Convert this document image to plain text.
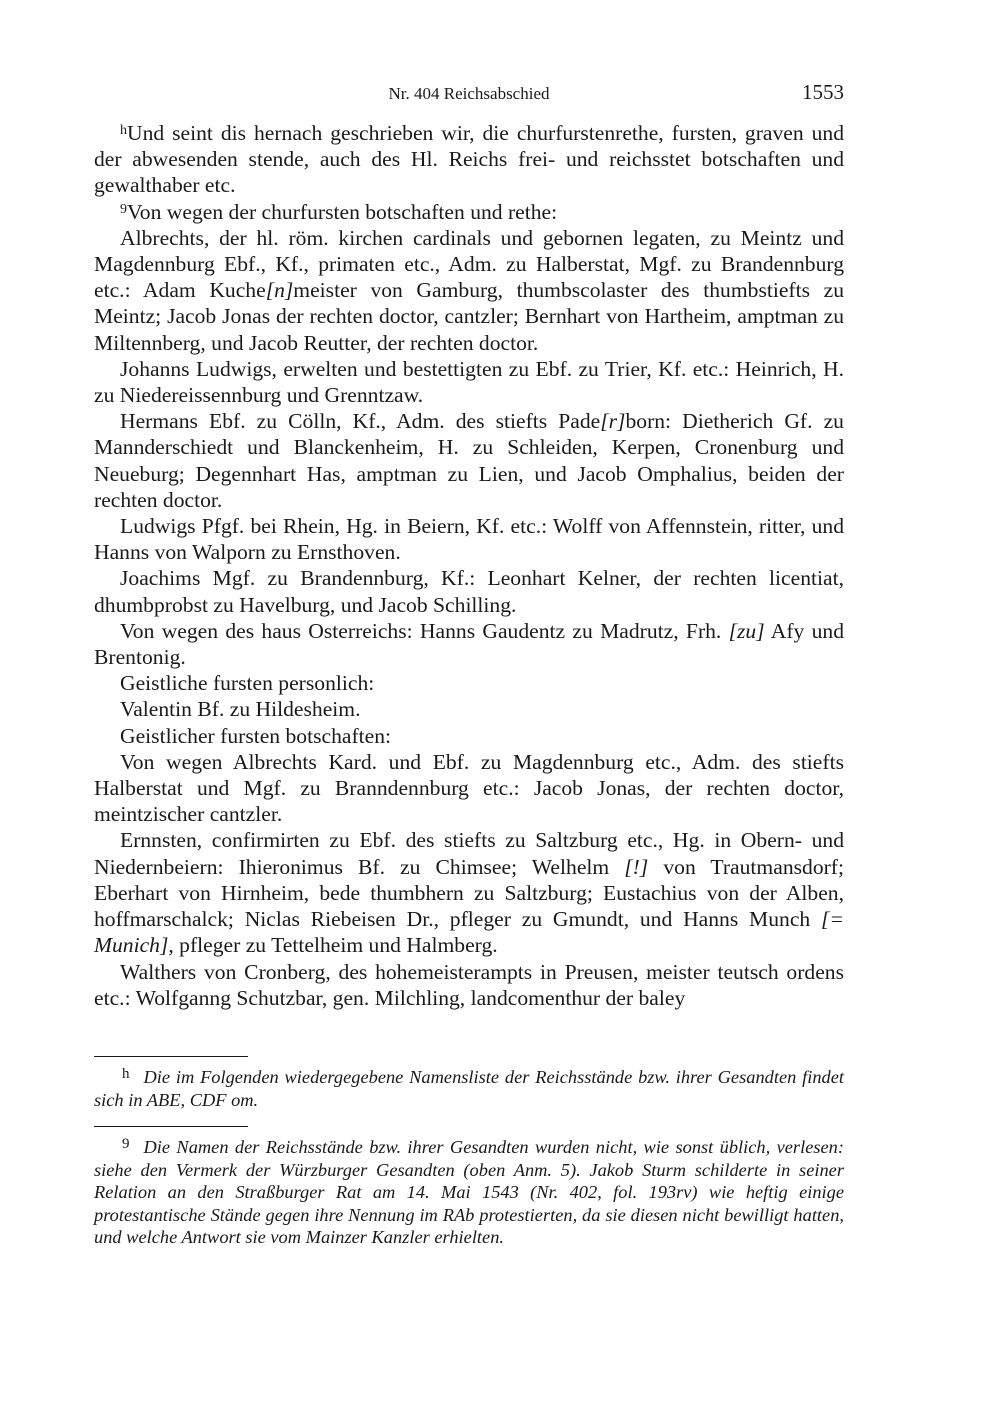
Nr. 404 Reichsabschied	1553

$^h$Und seint dis hernach geschrieben wir, die churfurstenrethe, fursten, graven und der abwesenden stende, auch des Hl. Reichs frei- und reichsstet botschaften und gewalthaber etc.

$^9$Von wegen der churfursten botschaften und rethe:

Albrechts, der hl. röm. kirchen cardinals und gebornen legaten, zu Meintz und Magdennburg Ebf., Kf., primaten etc., Adm. zu Halberstat, Mgf. zu Brandennburg etc.: Adam Kuche[n]meister von Gamburg, thumbscolaster des thumbstiefts zu Meintz; Jacob Jonas der rechten doctor, cantzler; Bernhart von Hartheim, amptman zu Miltennberg, und Jacob Reutter, der rechten doctor.

Johanns Ludwigs, erwelten und bestettigten zu Ebf. zu Trier, Kf. etc.: Heinrich, H. zu Niedereissennburg und Grenntzaw.

Hermans Ebf. zu Cölln, Kf., Adm. des stiefts Pade[r]born: Dietherich Gf. zu Mannderschiedt und Blanckenheim, H. zu Schleiden, Kerpen, Cronenburg und Neueburg; Degennhart Has, amptman zu Lien, und Jacob Omphalius, beiden der rechten doctor.

Ludwigs Pfgf. bei Rhein, Hg. in Beiern, Kf. etc.: Wolff von Affennstein, ritter, und Hanns von Walporn zu Ernsthoven.

Joachims Mgf. zu Brandennburg, Kf.: Leonhart Kelner, der rechten licentiat, dhumbprobst zu Havelburg, und Jacob Schilling.

Von wegen des haus Osterreichs: Hanns Gaudentz zu Madrutz, Frh. [zu] Afy und Brentonig.

Geistliche fursten personlich:

Valentin Bf. zu Hildesheim.

Geistlicher fursten botschaften:

Von wegen Albrechts Kard. und Ebf. zu Magdennburg etc., Adm. des stiefts Halberstat und Mgf. zu Branndennburg etc.: Jacob Jonas, der rechten doctor, meintzischer cantzler.

Ernnsten, confirmirten zu Ebf. des stiefts zu Saltzburg etc., Hg. in Obern- und Niedernbeiern: Ihieronimus Bf. zu Chimsee; Welhelm [!] von Trautmansdorf; Eberhart von Hirnheim, bede thumbhern zu Saltzburg; Eustachius von der Alben, hoffmarschalck; Niclas Riebeisen Dr., pfleger zu Gmundt, und Hanns Munch [= Munich], pfleger zu Tettelheim und Halmberg.

Walthers von Cronberg, des hohemeisterampts in Preusen, meister teutsch ordens etc.: Wolfganng Schutzbar, gen. Milchling, landcomenthur der baley

$^h$ Die im Folgenden wiedergegebene Namensliste der Reichsstände bzw. ihrer Gesandten findet sich in ABE, CDF om.

$^9$ Die Namen der Reichsstände bzw. ihrer Gesandten wurden nicht, wie sonst üblich, verlesen: siehe den Vermerk der Würzburger Gesandten (oben Anm. 5). Jakob Sturm schilderte in seiner Relation an den Straßburger Rat am 14. Mai 1543 (Nr. 402, fol. 193rv) wie heftig einige protestantische Stände gegen ihre Nennung im RAb protestierten, da sie diesen nicht bewilligt hatten, und welche Antwort sie vom Mainzer Kanzler erhielten.
